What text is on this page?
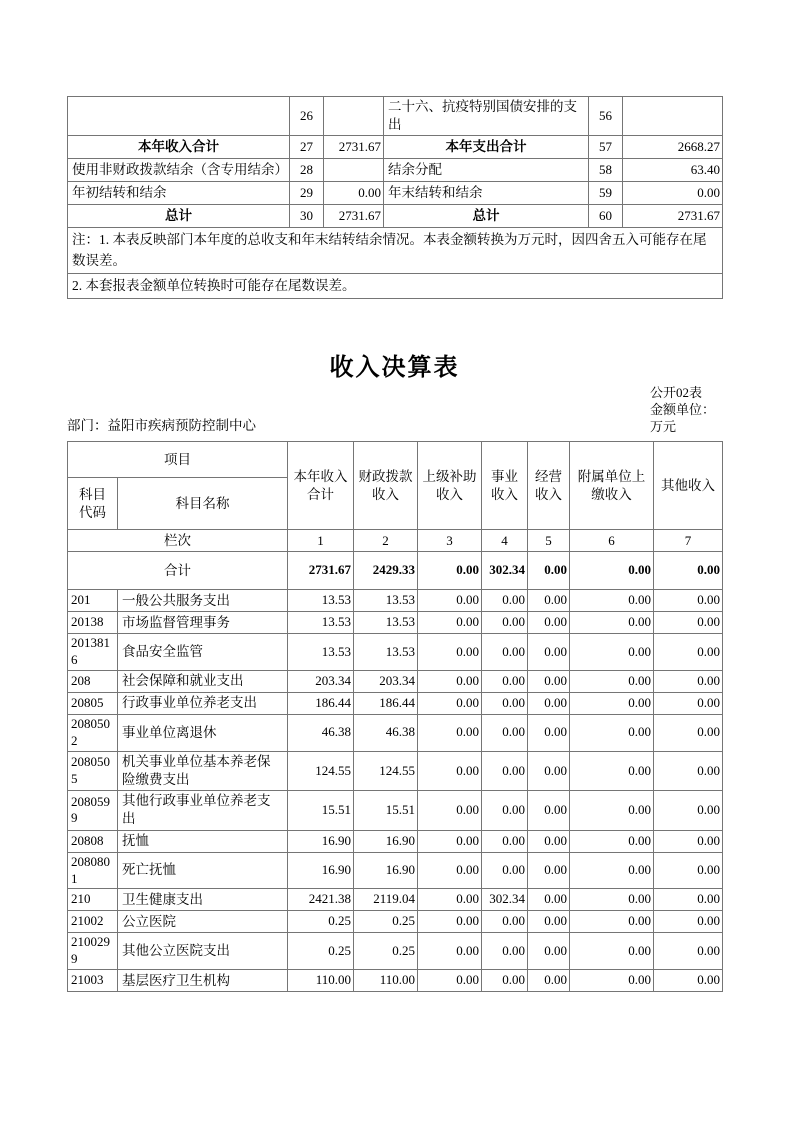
	26		二十六、抗疫特别国债安排的支出	56	
本年收入合计	27	2731.67	本年支出合计	57	2668.27
使用非财政拨款结余（含专用结余）	28		结余分配	58	63.40
年初结转和结余	29	0.00	年末结转和结余	59	0.00
总计	30	2731.67	总计	60	2731.67
注：1. 本表反映部门本年度的总收支和年末结转结余情况。本表金额转换为万元时，因四舍五入可能存在尾数误差。					
2. 本套报表金额单位转换时可能存在尾数误差。					
收入决算表
部门：益阳市疾病预防控制中心
公开02表
金额单位：
万元
项目		本年收入合计	财政拨款收入	上级补助收入	事业收入	经营收入	附属单位上缴收入	其他收入
科目代码	科目名称							
栏次		1	2	3	4	5	6	7
合计		2731.67	2429.33	0.00	302.34	0.00	0.00	0.00
201	一般公共服务支出	13.53	13.53	0.00	0.00	0.00	0.00	0.00
20138	市场监督管理事务	13.53	13.53	0.00	0.00	0.00	0.00	0.00
2013816	食品安全监管	13.53	13.53	0.00	0.00	0.00	0.00	0.00
208	社会保障和就业支出	203.34	203.34	0.00	0.00	0.00	0.00	0.00
20805	行政事业单位养老支出	186.44	186.44	0.00	0.00	0.00	0.00	0.00
2080502	事业单位离退休	46.38	46.38	0.00	0.00	0.00	0.00	0.00
2080505	机关事业单位基本养老保险缴费支出	124.55	124.55	0.00	0.00	0.00	0.00	0.00
2080599	其他行政事业单位养老支出	15.51	15.51	0.00	0.00	0.00	0.00	0.00
20808	抚恤	16.90	16.90	0.00	0.00	0.00	0.00	0.00
2080801	死亡抚恤	16.90	16.90	0.00	0.00	0.00	0.00	0.00
210	卫生健康支出	2421.38	2119.04	0.00	302.34	0.00	0.00	0.00
21002	公立医院	0.25	0.25	0.00	0.00	0.00	0.00	0.00
2100299	其他公立医院支出	0.25	0.25	0.00	0.00	0.00	0.00	0.00
21003	基层医疗卫生机构	110.00	110.00	0.00	0.00	0.00	0.00	0.00
